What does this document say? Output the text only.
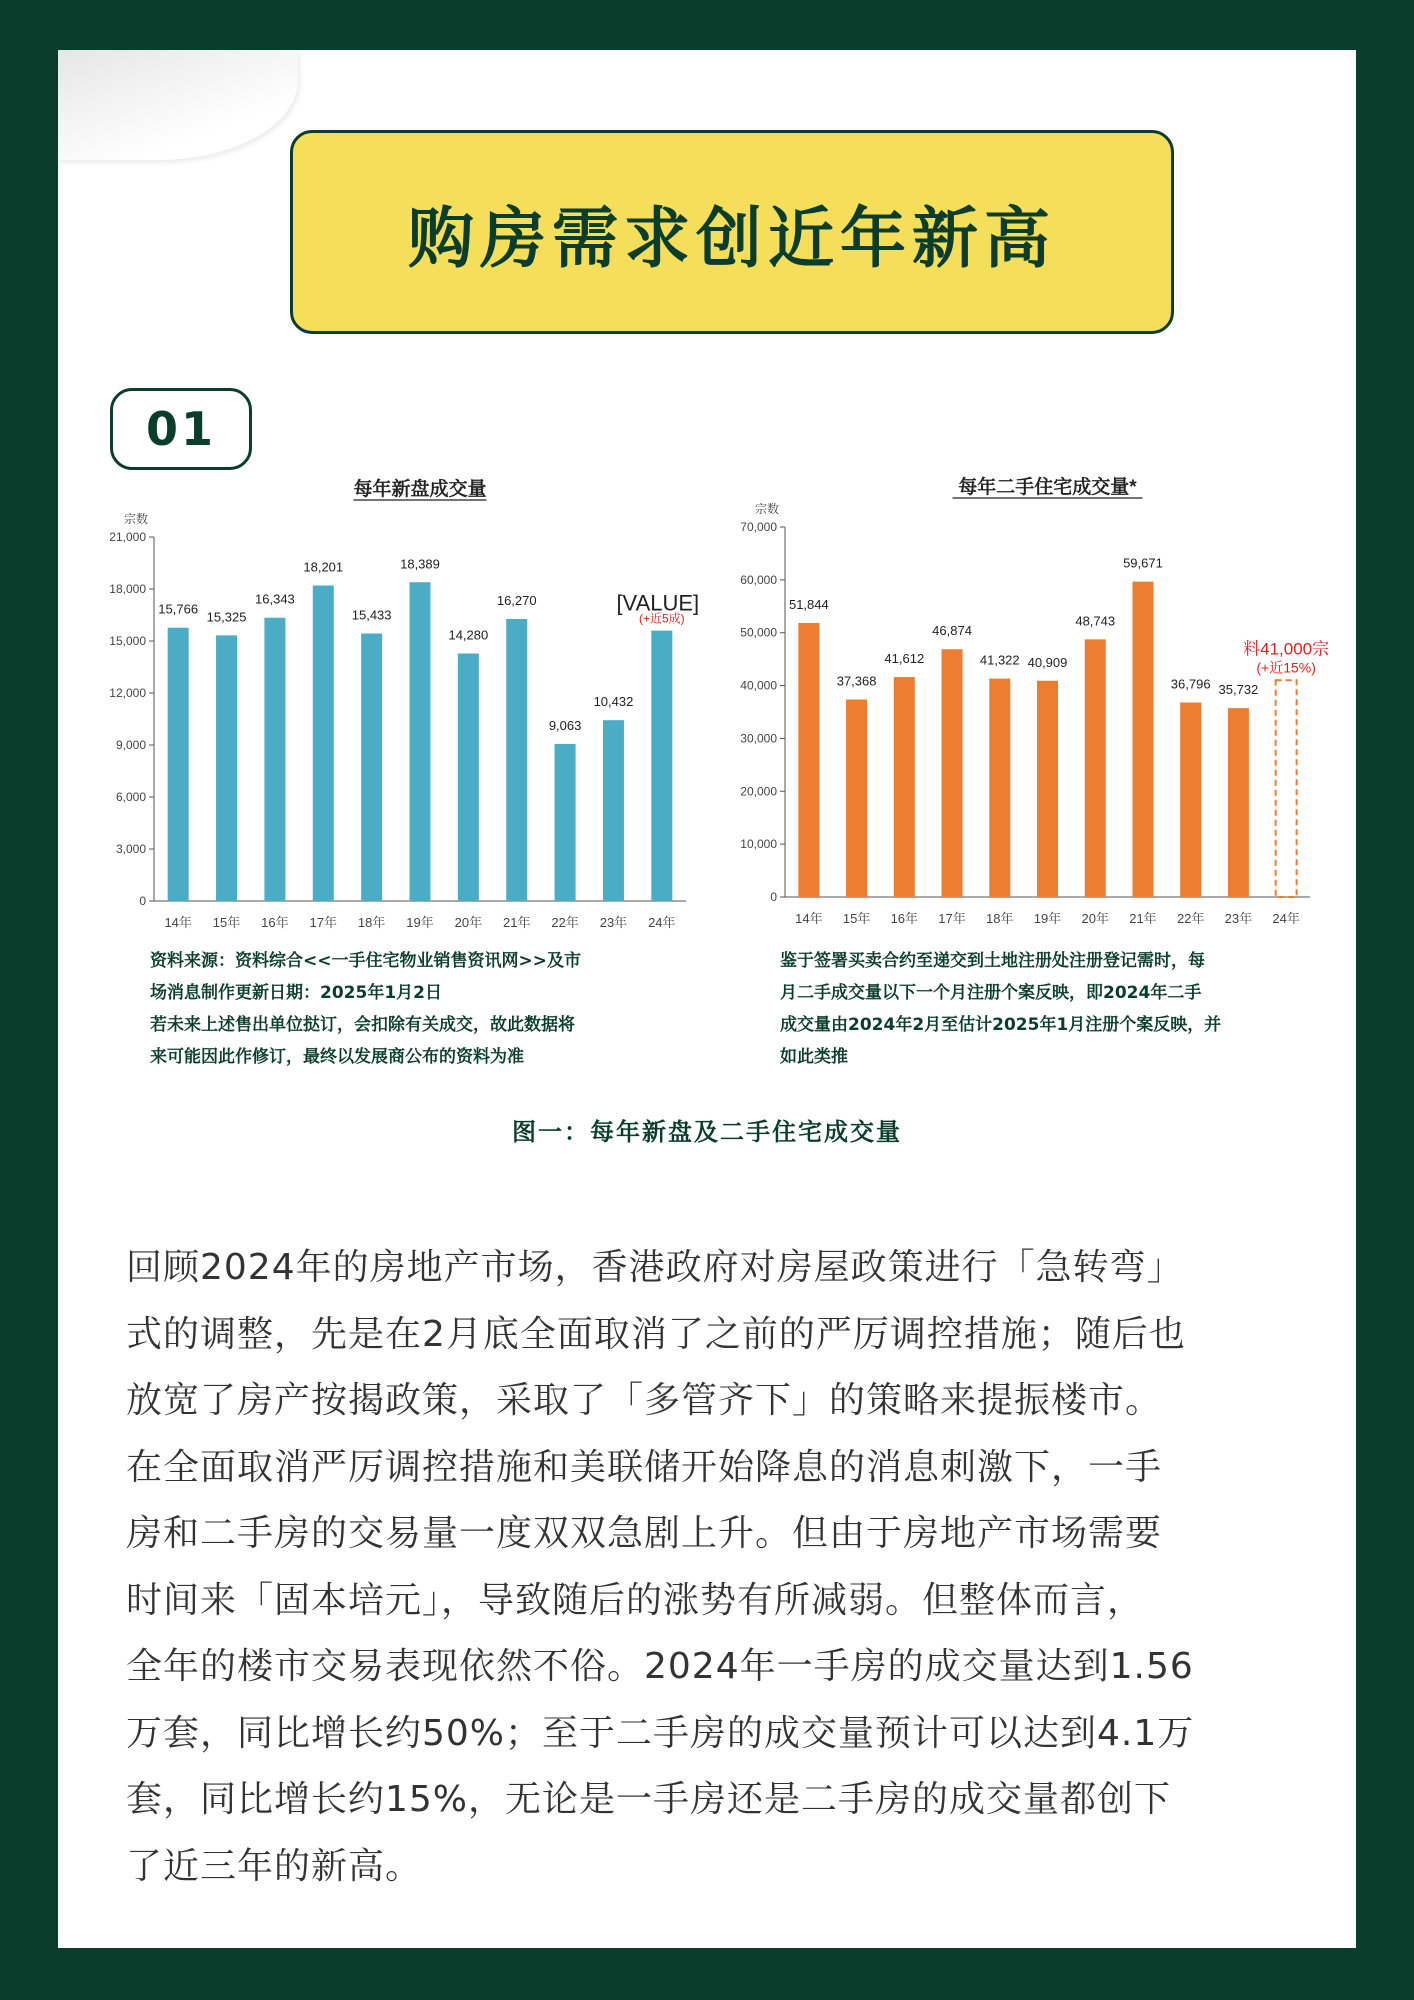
购房需求创近年新高
01
每年新盘成交量
宗数
0
3,000
6,000
9,000
12,000
15,000
18,000
21,000
15,766
14年
15,325
15年
16,343
16年
18,201
17年
15,433
18年
18,389
19年
14,280
20年
16,270
21年
9,063
22年
10,432
23年
[VALUE]
24年
(+近5成)
每年二手住宅成交量*
宗数
0
10,000
20,000
30,000
40,000
50,000
60,000
70,000
51,844
14年
37,368
15年
41,612
16年
46,874
17年
41,322
18年
40,909
19年
48,743
20年
59,671
21年
36,796
22年
35,732
23年 24年
料41,000宗
(+近15%)
资料来源：资料综合<<一手住宅物业销售资讯网>>及市
场消息制作更新日期：2025年1月2日
若未来上述售出单位挞订，会扣除有关成交，故此数据将
来可能因此作修订，最终以发展商公布的资料为准
鉴于签署买卖合约至递交到土地注册处注册登记需时，每
月二手成交量以下一个月注册个案反映，即2024年二手
成交量由2024年2月至估计2025年1月注册个案反映，并
如此类推
图一：每年新盘及二手住宅成交量
回顾2024年的房地产市场，香港政府对房屋政策进行「急转弯」
式的调整，先是在2月底全面取消了之前的严厉调控措施；随后也
放宽了房产按揭政策，采取了「多管齐下」的策略来提振楼市。
在全面取消严厉调控措施和美联储开始降息的消息刺激下，一手
房和二手房的交易量一度双双急剧上升。但由于房地产市场需要
时间来「固本培元」，导致随后的涨势有所减弱。但整体而言，
全年的楼市交易表现依然不俗。2024年一手房的成交量达到1.56
万套，同比增长约50%；至于二手房的成交量预计可以达到4.1万
套，同比增长约15%，无论是一手房还是二手房的成交量都创下
了近三年的新高。
